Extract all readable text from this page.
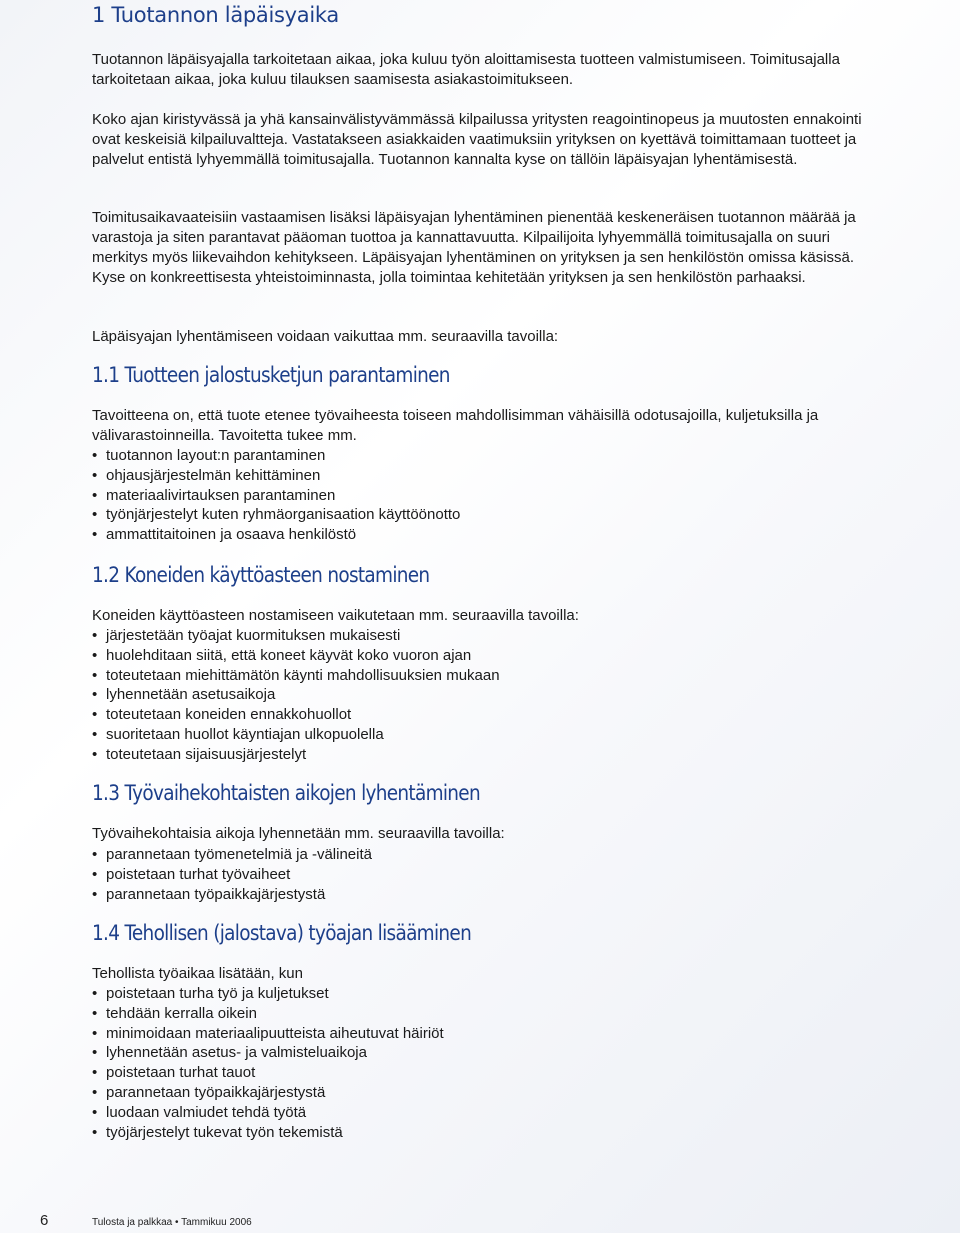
1 Tuotannon läpäisyaika

Tuotannon läpäisyajalla tarkoitetaan aikaa, joka kuluu työn aloittamisesta tuotteen valmistumiseen. Toimitusajalla tarkoitetaan aikaa, joka kuluu tilauksen saamisesta asiakastoimitukseen.

Koko ajan kiristyvässä ja yhä kansainvälistyvämmässä kilpailussa yritysten reagointinopeus ja muutosten ennakointi ovat keskeisiä kilpailuvaltteja. Vastatakseen asiakkaiden vaatimuksiin yrityksen on kyettävä toimittamaan tuotteet ja palvelut entistä lyhyemmällä toimitusajalla. Tuotannon kannalta kyse on tällöin läpäisyajan lyhentämisestä.

Toimitusaikavaateisiin vastaamisen lisäksi läpäisyajan lyhentäminen pienentää keskeneräisen tuotannon määrää ja varastoja ja siten parantavat pääoman tuottoa ja kannattavuutta. Kilpailijoita lyhyemmällä toimitusajalla on suuri merkitys myös liikevaihdon kehitykseen. Läpäisyajan lyhentäminen on yrityksen ja sen henkilöstön omissa käsissä. Kyse on konkreettisesta yhteistoiminnasta, jolla toimintaa kehitetään yrityksen ja sen henkilöstön parhaaksi.

Läpäisyajan lyhentämiseen voidaan vaikuttaa mm. seuraavilla tavoilla:

1.1 Tuotteen jalostusketjun parantaminen

Tavoitteena on, että tuote etenee työvaiheesta toiseen mahdollisimman vähäisillä odotusajoilla, kuljetuksilla ja välivarastoinneilla. Tavoitetta tukee mm.

• tuotannon layout:n parantaminen
• ohjausjärjestelmän kehittäminen
• materiaalivirtauksen parantaminen
• työnjärjestelyt kuten ryhmäorganisaation käyttöönotto
• ammattitaitoinen ja osaava henkilöstö
1.2 Koneiden käyttöasteen nostaminen

Koneiden käyttöasteen nostamiseen vaikutetaan mm. seuraavilla tavoilla:

• järjestetään työajat kuormituksen mukaisesti
• huolehditaan siitä, että koneet käyvät koko vuoron ajan
• toteutetaan miehittämätön käynti mahdollisuuksien mukaan
• lyhennetään asetusaikoja
• toteutetaan koneiden ennakkohuollot
• suoritetaan huollot käyntiajan ulkopuolella
• toteutetaan sijaisuusjärjestelyt
1.3 Työvaihekohtaisten aikojen lyhentäminen

Työvaihekohtaisia aikoja lyhennetään mm. seuraavilla tavoilla:

• parannetaan työmenetelmiä ja -välineitä
• poistetaan turhat työvaiheet
• parannetaan työpaikkajärjestystä
1.4 Tehollisen (jalostava) työajan lisääminen

Tehollista työaikaa lisätään, kun

• poistetaan turha työ ja kuljetukset
• tehdään kerralla oikein
• minimoidaan materiaalipuutteista aiheutuvat häiriöt
• lyhennetään asetus- ja valmisteluaikoja
• poistetaan turhat tauot
• parannetaan työpaikkajärjestystä
• luodaan valmiudet tehdä työtä
• työjärjestelyt tukevat työn tekemistä
6	Tulosta ja palkkaa • Tammikuu 2006
